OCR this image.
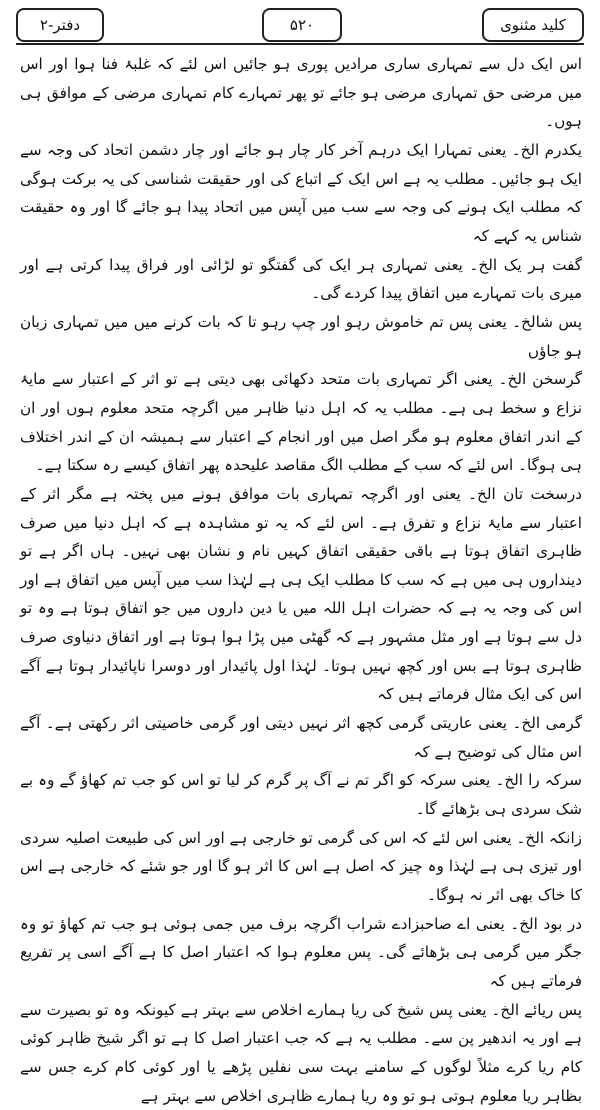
دفتر-۲	۵۲۰	کلید مثنوی

اس ایک دل سے تمہاری ساری مرادیں پوری ہو جائیں اس لئے کہ غلبۂ فنا ہوا اور اس میں مرضی حق تمہاری مرضی ہو جائے تو پھر تمہارے کام تمہاری مرضی کے موافق ہی ہوں۔

یکدرم الخ۔ یعنی تمہارا ایک درہم آخر کار چار ہو جائے اور چار دشمن اتحاد کی وجہ سے ایک ہو جائیں۔ مطلب یہ ہے اس ایک کے اتباع کی اور حقیقت شناسی کی یہ برکت ہوگی کہ مطلب ایک ہونے کی وجہ سے سب میں آپس میں اتحاد پیدا ہو جائے گا اور وہ حقیقت شناس یہ کہے کہ

گفت ہر یک الخ۔ یعنی تمہاری ہر ایک کی گفتگو تو لڑائی اور فراق پیدا کرتی ہے اور میری بات تمہارے میں اتفاق پیدا کردے گی۔

پس شالخ۔ یعنی پس تم خاموش رہو اور چپ رہو تا کہ بات کرنے میں میں تمہاری زبان ہو جاؤں

گرسخن الخ۔ یعنی اگر تمہاری بات متحد دکھائی بھی دیتی ہے تو اثر کے اعتبار سے مایۂ نزاع و سخط ہی ہے۔ مطلب یہ کہ اہل دنیا ظاہر میں اگرچہ متحد معلوم ہوں اور ان کے اندر اتفاق معلوم ہو مگر اصل میں اور انجام کے اعتبار سے ہمیشہ ان کے اندر اختلاف ہی ہوگا۔ اس لئے کہ سب کے مطلب الگ مقاصد علیحدہ پھر اتفاق کیسے رہ سکتا ہے۔

درسخت تان الخ۔ یعنی اور اگرچہ تمہاری بات موافق ہونے میں پختہ ہے مگر اثر کے اعتبار سے مایۂ نزاع و تفرق ہے۔ اس لئے کہ یہ تو مشاہدہ ہے کہ اہل دنیا میں صرف ظاہری اتفاق ہوتا ہے باقی حقیقی اتفاق کہیں نام و نشان بھی نہیں۔ ہاں اگر ہے تو دینداروں ہی میں ہے کہ سب کا مطلب ایک ہی ہے لہٰذا سب میں آپس میں اتفاق ہے اور اس کی وجہ یہ ہے کہ حضرات اہل اللہ میں یا دین داروں میں جو اتفاق ہوتا ہے وہ تو دل سے ہوتا ہے اور مثل مشہور ہے کہ گھٹی میں پڑا ہوا ہوتا ہے اور اتفاق دنیاوی صرف ظاہری ہوتا ہے بس اور کچھ نہیں ہوتا۔ لہٰذا اول پائیدار اور دوسرا ناپائیدار ہوتا ہے آگے اس کی ایک مثال فرماتے ہیں کہ

گرمی الخ۔ یعنی عاریتی گرمی کچھ اثر نہیں دیتی اور گرمی خاصیتی اثر رکھتی ہے۔ آگے اس مثال کی توضیح ہے کہ

سرکہ را الخ۔ یعنی سرکہ کو اگر تم نے آگ پر گرم کر لیا تو اس کو جب تم کھاؤ گے وہ بے شک سردی ہی بڑھائے گا۔

زانکہ الخ۔ یعنی اس لئے کہ اس کی گرمی تو خارجی ہے اور اس کی طبیعت اصلیہ سردی اور تیزی ہی ہے لہٰذا وہ چیز کہ اصل ہے اس کا اثر ہو گا اور جو شئے کہ خارجی ہے اس کا خاک بھی اثر نہ ہوگا۔

در بود الخ۔ یعنی اے صاحبزادے شراب اگرچہ برف میں جمی ہوئی ہو جب تم کھاؤ تو وہ جگر میں گرمی ہی بڑھائے گی۔ پس معلوم ہوا کہ اعتبار اصل کا ہے آگے اسی پر تفریع فرماتے ہیں کہ

پس ریائے الخ۔ یعنی پس شیخ کی ریا ہمارے اخلاص سے بہتر ہے کیونکہ وہ تو بصیرت سے ہے اور یہ اندھیر پن سے۔ مطلب یہ ہے کہ جب اعتبار اصل کا ہے تو اگر شیخ ظاہر کوئی کام ریا کرے مثلاً لوگوں کے سامنے بہت سی نفلیں پڑھے یا اور کوئی کام کرے جس سے بظاہر ریا معلوم ہوتی ہو تو وہ ریا ہمارے ظاہری اخلاص سے بہتر ہے
